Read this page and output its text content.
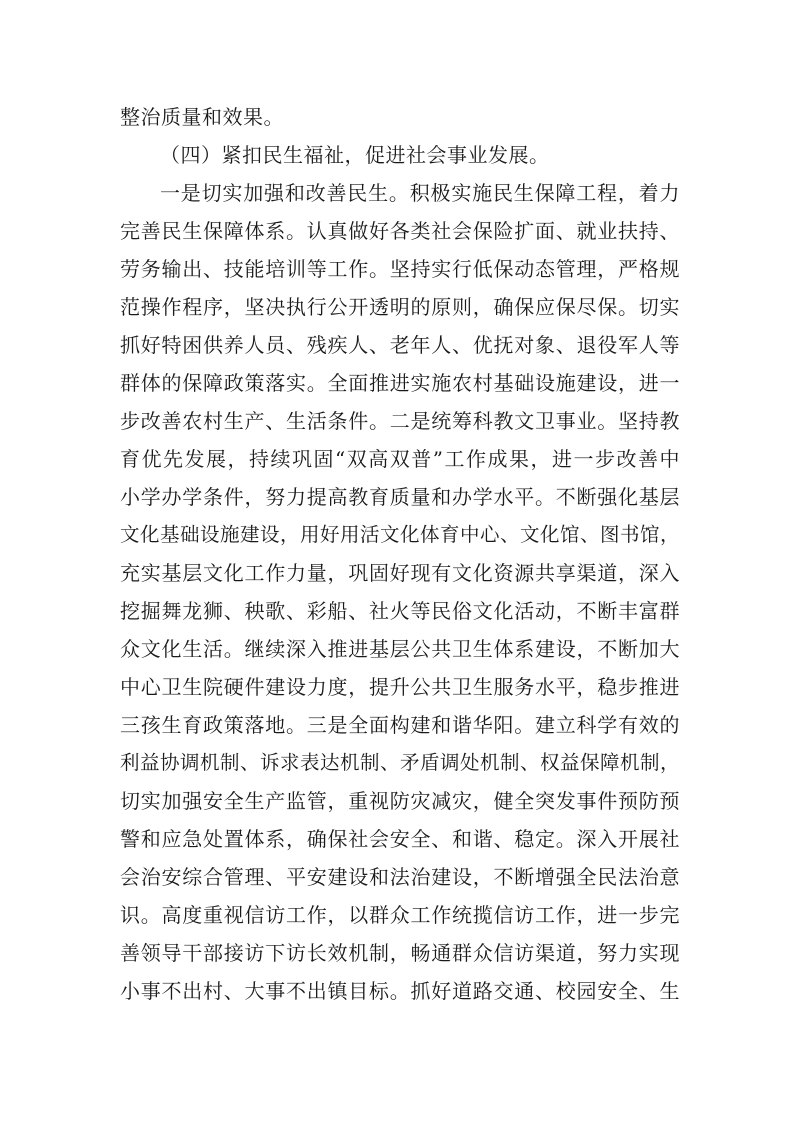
整治质量和效果。
（四）紧扣民生福祉，促进社会事业发展。
一是切实加强和改善民生。积极实施民生保障工程，着力
完善民生保障体系。认真做好各类社会保险扩面、就业扶持、
劳务输出、技能培训等工作。坚持实行低保动态管理，严格规
范操作程序，坚决执行公开透明的原则，确保应保尽保。切实
抓好特困供养人员、残疾人、老年人、优抚对象、退役军人等
群体的保障政策落实。全面推进实施农村基础设施建设，进一
步改善农村生产、生活条件。二是统筹科教文卫事业。坚持教
育优先发展，持续巩固“双高双普”工作成果，进一步改善中
小学办学条件，努力提高教育质量和办学水平。不断强化基层
文化基础设施建设，用好用活文化体育中心、文化馆、图书馆，
充实基层文化工作力量，巩固好现有文化资源共享渠道，深入
挖掘舞龙狮、秧歌、彩船、社火等民俗文化活动，不断丰富群
众文化生活。继续深入推进基层公共卫生体系建设，不断加大
中心卫生院硬件建设力度，提升公共卫生服务水平，稳步推进
三孩生育政策落地。三是全面构建和谐华阳。建立科学有效的
利益协调机制、诉求表达机制、矛盾调处机制、权益保障机制，
切实加强安全生产监管，重视防灾减灾，健全突发事件预防预
警和应急处置体系，确保社会安全、和谐、稳定。深入开展社
会治安综合管理、平安建设和法治建设，不断增强全民法治意
识。高度重视信访工作，以群众工作统揽信访工作，进一步完
善领导干部接访下访长效机制，畅通群众信访渠道，努力实现
小事不出村、大事不出镇目标。抓好道路交通、校园安全、生
